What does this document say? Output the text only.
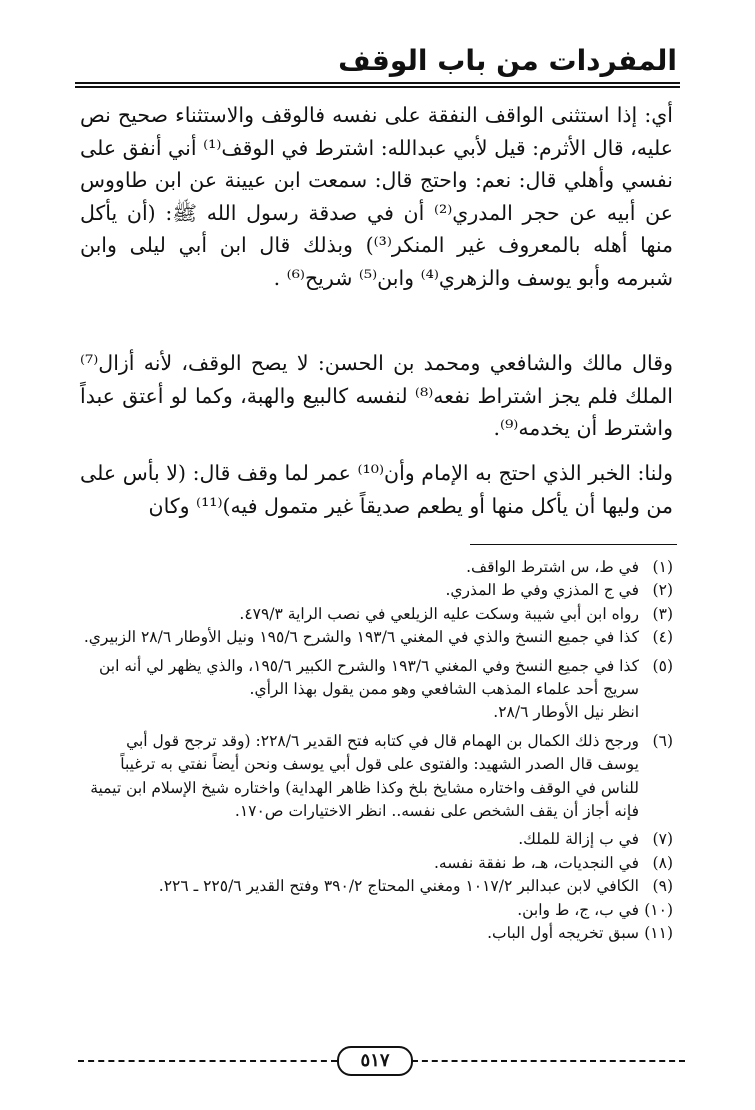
المفردات من باب الوقف

أي: إذا استثنى الواقف النفقة على نفسه فالوقف والاستثناء صحيح نص عليه، قال الأثرم: قيل لأبي عبدالله: اشترط في الوقف⁽¹⁾ أني أنفق على نفسي وأهلي قال: نعم: واحتج قال: سمعت ابن عيينة عن ابن طاووس عن أبيه عن حجر المدري⁽²⁾ أن في صدقة رسول الله ﷺ: (أن يأكل منها أهله بالمعروف غير المنكر⁽³⁾) وبذلك قال ابن أبي ليلى وابن شبرمه وأبو يوسف والزهري⁽⁴⁾ وابن⁽⁵⁾ شريح⁽⁶⁾ .

وقال مالك والشافعي ومحمد بن الحسن: لا يصح الوقف، لأنه أزال⁽⁷⁾ الملك فلم يجز اشتراط نفعه⁽⁸⁾ لنفسه كالبيع والهبة، وكما لو أعتق عبداً واشترط أن يخدمه⁽⁹⁾.

ولنا: الخبر الذي احتج به الإمام وأن⁽¹⁰⁾ عمر لما وقف قال: (لا بأس على من وليها أن يأكل منها أو يطعم صديقاً غير متمول فيه)⁽¹¹⁾ وكان

(١)
في ط، س اشترط الواقف.
(٢)
في ج المذزي وفي ط المذري.
(٣)
رواه ابن أبي شيبة وسكت عليه الزيلعي في نصب الراية ٤٧٩/٣.
(٤)
كذا في جميع النسخ والذي في المغني ١٩٣/٦ والشرح ١٩٥/٦ ونيل الأوطار ٢٨/٦ الزبيري.
(٥)
كذا في جميع النسخ وفي المغني ١٩٣/٦ والشرح الكبير ١٩٥/٦، والذي يظهر لي أنه ابن سريج أحد علماء المذهب الشافعي وهو ممن يقول بهذا الرأي.
انظر نيل الأوطار ٢٨/٦.
(٦)
ورجح ذلك الكمال بن الهمام قال في كتابه فتح القدير ٢٢٨/٦: (وقد ترجح قول أبي يوسف قال الصدر الشهيد: والفتوى على قول أبي يوسف ونحن أيضاً نفتي به ترغيباً للناس في الوقف واختاره مشايخ بلخ وكذا ظاهر الهداية) واختاره شيخ الإسلام ابن تيمية فإنه أجاز أن يقف الشخص على نفسه.. انظر الاختيارات ص١٧٠.
(٧)
في ب إزالة للملك.
(٨)
في النجديات، هـ، ط نفقة نفسه.
(٩)
الكافي لابن عبدالبر ١٠١٧/٢ ومغني المحتاج ٣٩٠/٢ وفتح القدير ٢٢٥/٦ ـ ٢٢٦.
(١٠)
في ب، ج، ط وابن.
(١١)
سبق تخريجه أول الباب.
٥١٧
